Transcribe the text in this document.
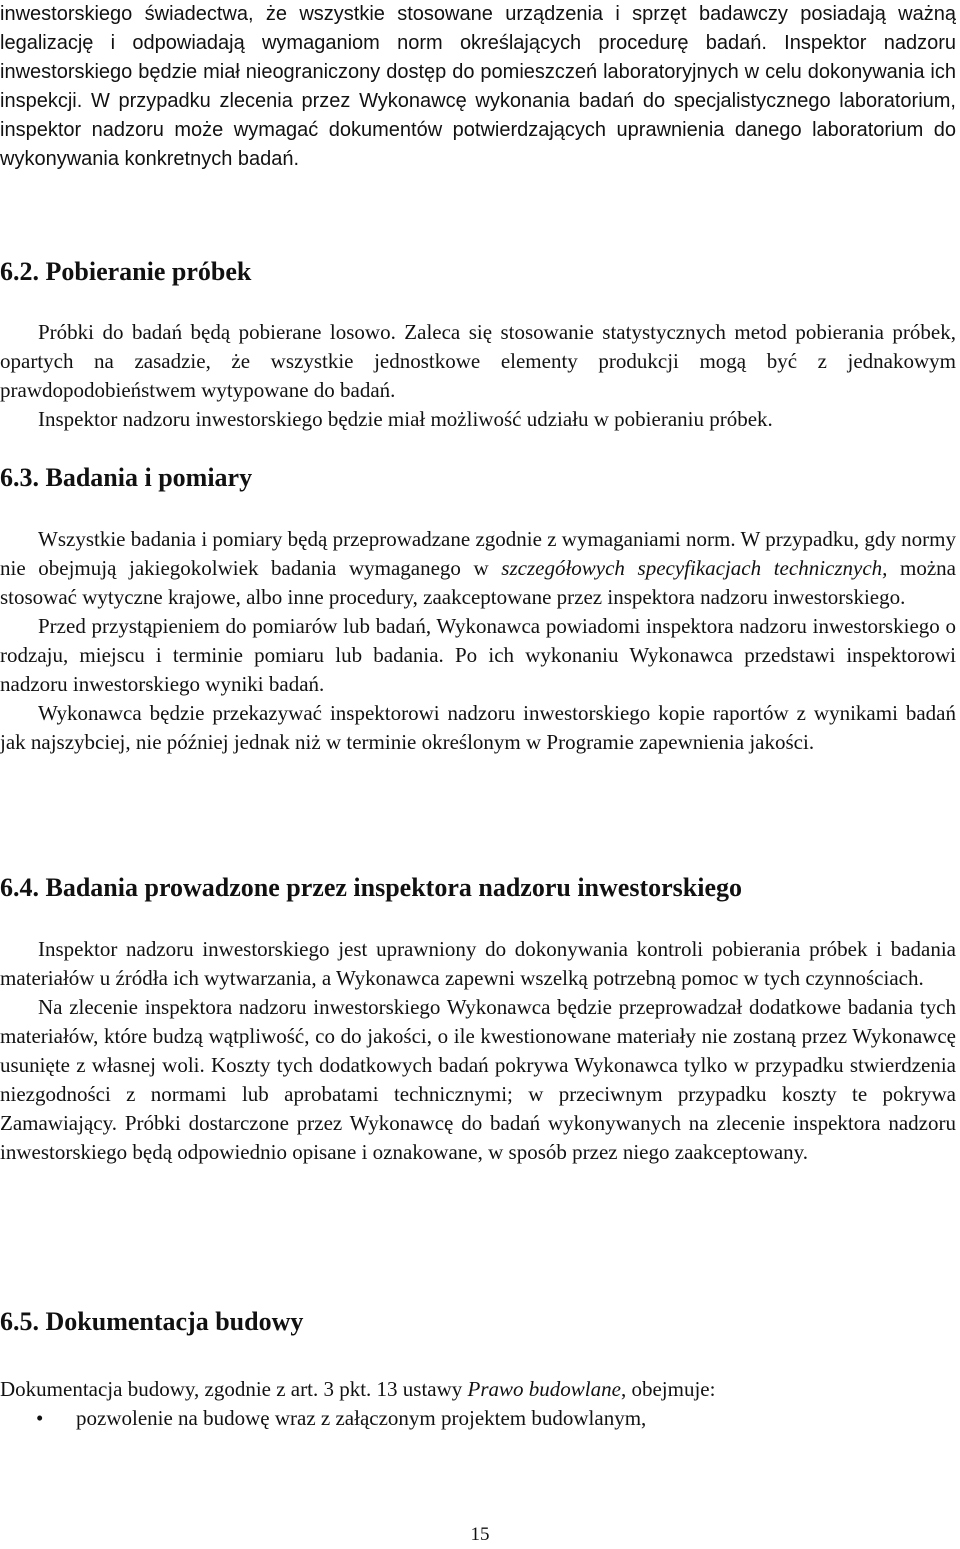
inwestorskiego świadectwa, że wszystkie stosowane urządzenia i sprzęt badawczy posiadają ważną legalizację i odpowiadają wymaganiom norm określających procedurę badań. Inspektor nadzoru inwestorskiego będzie miał nieograniczony dostęp do pomieszczeń laboratoryjnych w celu dokonywania ich inspekcji. W przypadku zlecenia przez Wykonawcę wykonania badań do specjalistycznego laboratorium, inspektor nadzoru może wymagać dokumentów potwierdzających uprawnienia danego laboratorium do wykonywania konkretnych badań.

6.2. Pobieranie próbek

Próbki do badań będą pobierane losowo. Zaleca się stosowanie statystycznych metod pobierania próbek, opartych na zasadzie, że wszystkie jednostkowe elementy produkcji mogą być z jednakowym prawdopodobieństwem wytypowane do badań.

Inspektor nadzoru inwestorskiego będzie miał możliwość udziału w pobieraniu próbek.

6.3. Badania i pomiary

Wszystkie badania i pomiary będą przeprowadzane zgodnie z wymaganiami norm. W przypadku, gdy normy nie obejmują jakiegokolwiek badania wymaganego w szczegółowych specyfikacjach technicznych, można stosować wytyczne krajowe, albo inne procedury, zaakceptowane przez inspektora nadzoru inwestorskiego.

Przed przystąpieniem do pomiarów lub badań, Wykonawca powiadomi inspektora nadzoru inwestorskiego o rodzaju, miejscu i terminie pomiaru lub badania. Po ich wykonaniu Wykonawca przedstawi inspektorowi nadzoru inwestorskiego wyniki badań.

Wykonawca będzie przekazywać inspektorowi nadzoru inwestorskiego kopie raportów z wynikami badań jak najszybciej, nie później jednak niż w terminie określonym w Programie zapewnienia jakości.

6.4. Badania prowadzone przez inspektora nadzoru inwestorskiego

Inspektor nadzoru inwestorskiego jest uprawniony do dokonywania kontroli pobierania próbek i badania materiałów u źródła ich wytwarzania, a Wykonawca zapewni wszelką potrzebną pomoc w tych czynnościach.

Na zlecenie inspektora nadzoru inwestorskiego Wykonawca będzie przeprowadzał dodatkowe badania tych materiałów, które budzą wątpliwość, co do jakości, o ile kwestionowane materiały nie zostaną przez Wykonawcę usunięte z własnej woli. Koszty tych dodatkowych badań pokrywa Wykonawca tylko w przypadku stwierdzenia niezgodności z normami lub aprobatami technicznymi; w przeciwnym przypadku koszty te pokrywa Zamawiający. Próbki dostarczone przez Wykonawcę do badań wykonywanych na zlecenie inspektora nadzoru inwestorskiego będą odpowiednio opisane i oznakowane, w sposób przez niego zaakceptowany.

6.5. Dokumentacja budowy

Dokumentacja budowy, zgodnie z art. 3 pkt. 13 ustawy Prawo budowlane, obejmuje:

•	pozwolenie na budowę wraz z załączonym projektem budowlanym,
15
